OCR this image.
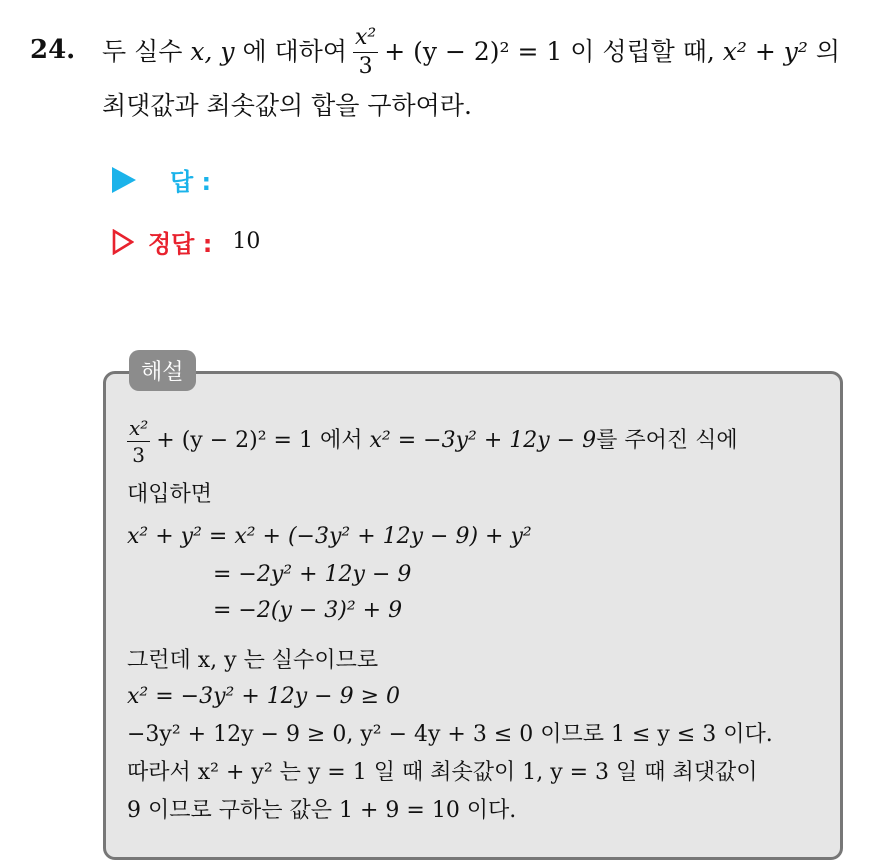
24. 두 실수
x, y
에 대하여 $\frac{\text{x²}}{3} + (y - 2)^2 = 1$
이 성립할 때,
x² + y²
의
최댓값과 최솟값의 합을 구하여라.
답 :
정답 : 10
해설
$\frac{\text{x²}}{3} + (y - 2)^2 = 1$
에서
x² = −3y² + 12y − 9 를 주어진 식에
대입하면
x² + y² = x² + (−3y² + 12y − 9) + y²
= −2y² + 12y − 9
= −2(y − 3)² + 9
그런데 x, y 는 실수이므로
x² = −3y² + 12y − 9 ≥ 0
−3y² + 12y − 9 ≥ 0, y² − 4y + 3 ≤ 0 이므로 1 ≤ y ≤ 3 이다.
따라서 x² + y² 는 y = 1 일 때 최솟값이 1, y = 3 일 때 최댓값이
9 이므로 구하는 값은 1 + 9 = 10 이다.
